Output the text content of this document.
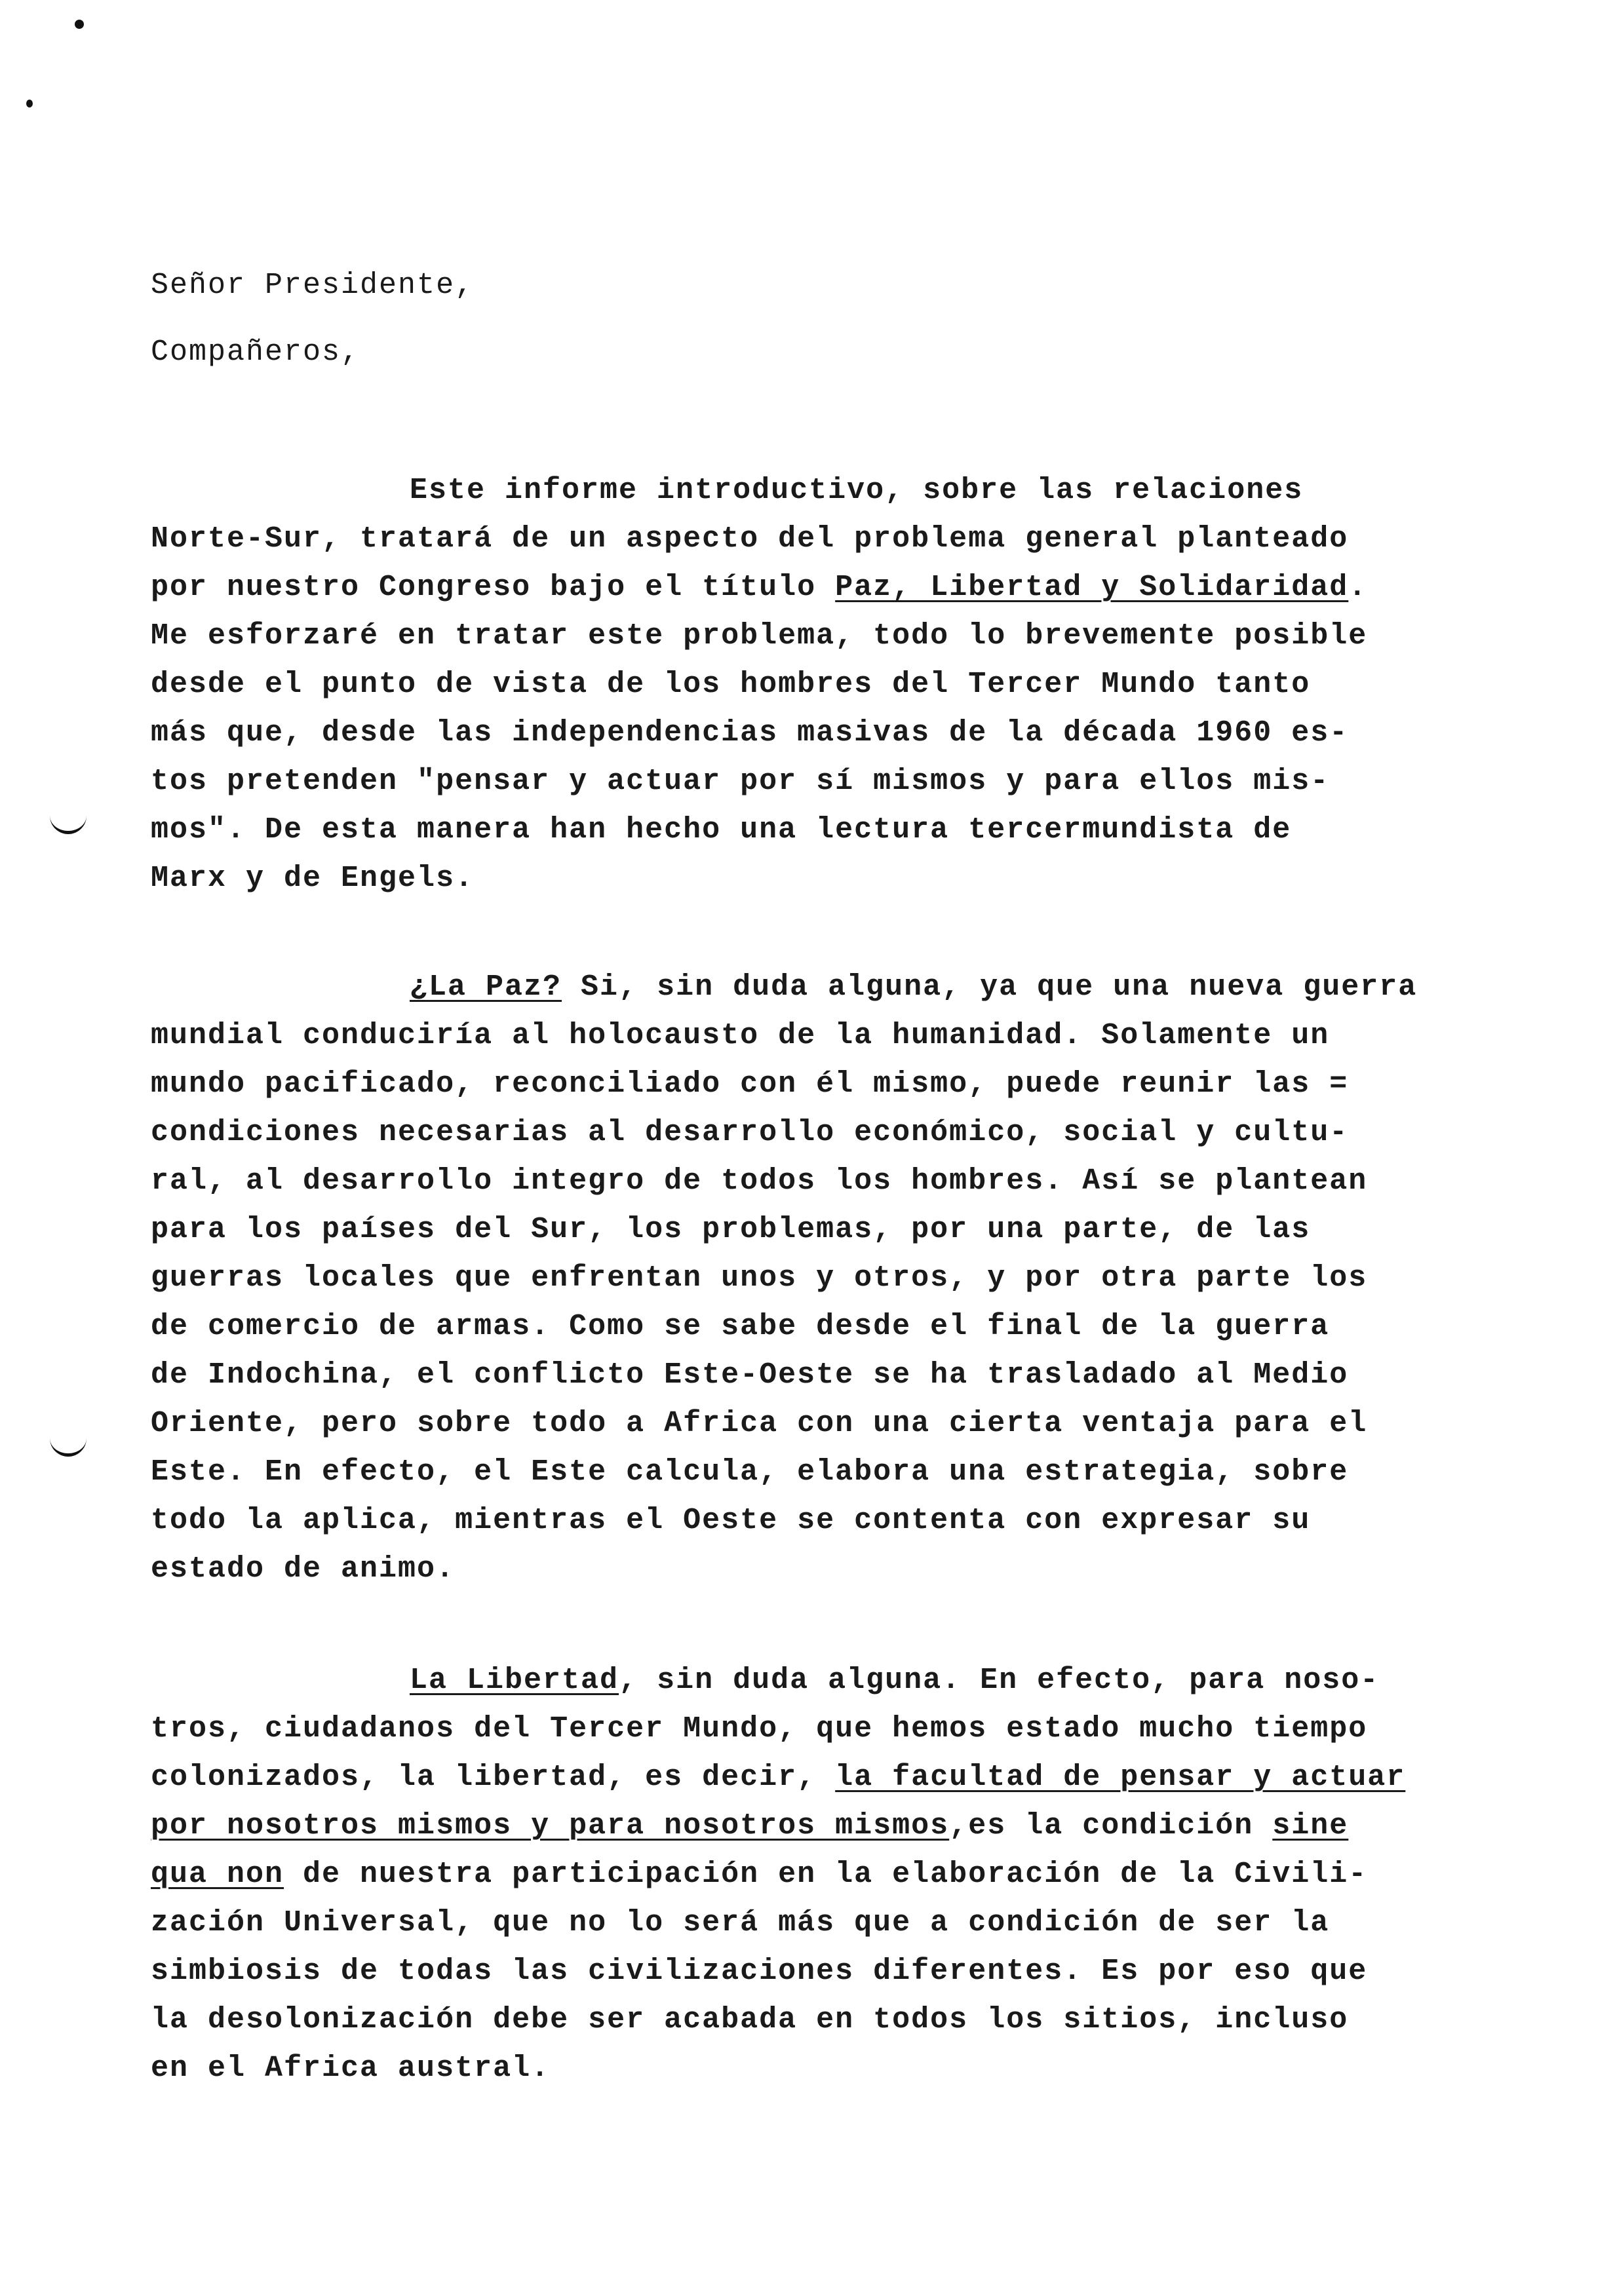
Señor Presidente,
Compañeros,
Este informe introductivo, sobre las relaciones
Norte-Sur, tratará de un aspecto del problema general planteado
por nuestro Congreso bajo el título Paz, Libertad y Solidaridad.
Me esforzaré en tratar este problema, todo lo brevemente posible
desde el punto de vista de los hombres del Tercer Mundo tanto
más que, desde las independencias masivas de la década 1960 es-
tos pretenden "pensar y actuar por sí mismos y para ellos mis-
mos". De esta manera han hecho una lectura tercermundista de
Marx y de Engels.
¿La Paz? Si, sin duda alguna, ya que una nueva guerra
mundial conduciría al holocausto de la humanidad. Solamente un
mundo pacificado, reconciliado con él mismo, puede reunir las =
condiciones necesarias al desarrollo económico, social y cultu-
ral, al desarrollo integro de todos los hombres. Así se plantean
para los países del Sur, los problemas, por una parte, de las
guerras locales que enfrentan unos y otros, y por otra parte los
de comercio de armas. Como se sabe desde el final de la guerra
de Indochina, el conflicto Este-Oeste se ha trasladado al Medio
Oriente, pero sobre todo a Africa con una cierta ventaja para el
Este. En efecto, el Este calcula, elabora una estrategia, sobre
todo la aplica, mientras el Oeste se contenta con expresar su
estado de animo.
La Libertad, sin duda alguna. En efecto, para noso-
tros, ciudadanos del Tercer Mundo, que hemos estado mucho tiempo
colonizados, la libertad, es decir, la facultad de pensar y actuar
por nosotros mismos y para nosotros mismos,es la condición sine
qua non de nuestra participación en la elaboración de la Civili-
zación Universal, que no lo será más que a condición de ser la
simbiosis de todas las civilizaciones diferentes. Es por eso que
la desolonización debe ser acabada en todos los sitios, incluso
en el Africa austral.
